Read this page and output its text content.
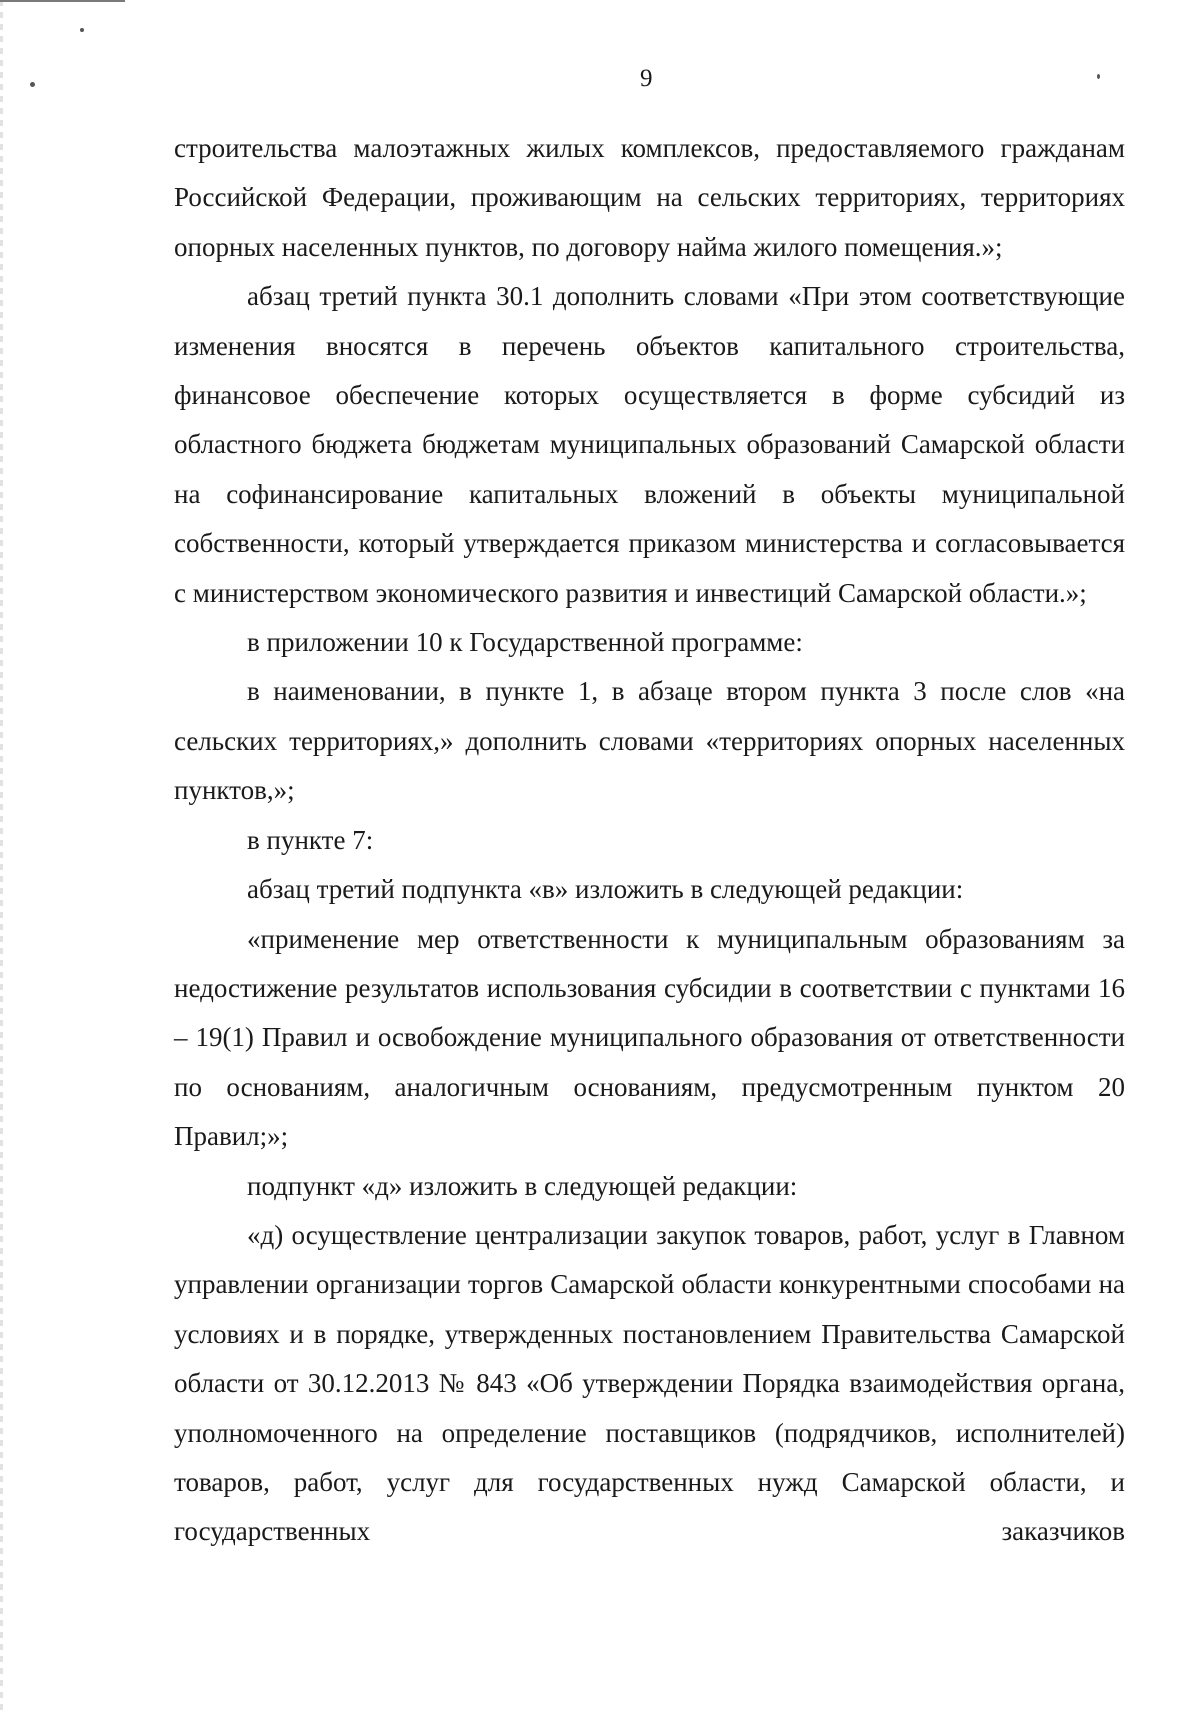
9

строительства малоэтажных жилых комплексов, предоставляемого гражданам Российской Федерации, проживающим на сельских территориях, территориях опорных населенных пунктов, по договору найма жилого помещения.»;

абзац третий пункта 30.1 дополнить словами «При этом соответствующие изменения вносятся в перечень объектов капитального строительства, финансовое обеспечение которых осуществляется в форме субсидий из областного бюджета бюджетам муниципальных образований Самарской области на софинансирование капитальных вложений в объекты муниципальной собственности, который утверждается приказом министерства и согласовывается с министерством экономического развития и инвестиций Самарской области.»;

в приложении 10 к Государственной программе:

в наименовании, в пункте 1, в абзаце втором пункта 3 после слов «на сельских территориях,» дополнить словами «территориях опорных населенных пунктов,»;

в пункте 7:

абзац третий подпункта «в» изложить в следующей редакции:

«применение мер ответственности к муниципальным образованиям за недостижение результатов использования субсидии в соответствии с пунктами 16 – 19(1) Правил и освобождение муниципального образования от ответственности по основаниям, аналогичным основаниям, предусмотренным пунктом 20 Правил;»;

подпункт «д» изложить в следующей редакции:

«д) осуществление централизации закупок товаров, работ, услуг в Главном управлении организации торгов Самарской области конкурентными способами на условиях и в порядке, утвержденных постановлением Правительства Самарской области от 30.12.2013 № 843 «Об утверждении Порядка взаимодействия органа, уполномоченного на определение поставщиков (подрядчиков, исполнителей) товаров, работ, услуг для государственных нужд Самарской области, и государственных заказчиков
